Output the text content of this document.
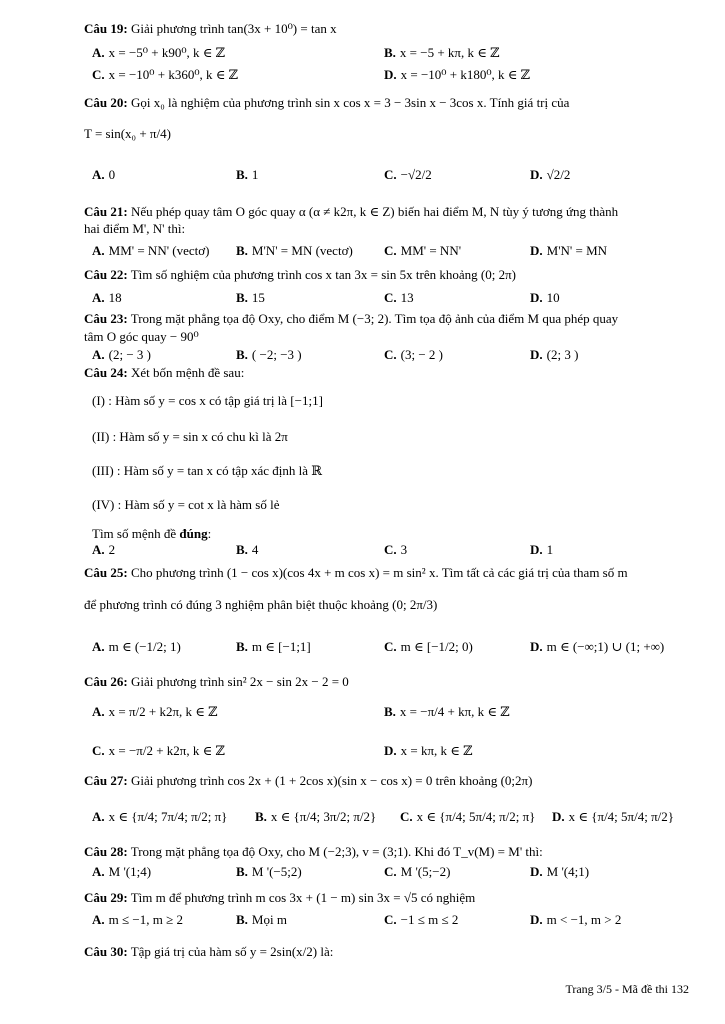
Câu 19: Giải phương trình tan(3x + 10⁰) = tan x
A. x = −5⁰ + k90⁰, k ∈ ℤ	B. x = −5 + kπ, k ∈ ℤ
C. x = −10⁰ + k360⁰, k ∈ ℤ	D. x = −10⁰ + k180⁰, k ∈ ℤ
Câu 20: Gọi x₀ là nghiệm của phương trình sin x cos x = 3 − 3sin x − 3cos x. Tính giá trị của
T = sin(x₀ + π/4)
A. 0	B. 1	C. −√2/2	D. √2/2
Câu 21: Nếu phép quay tâm O góc quay α (α ≠ k2π, k ∈ Z) biến hai điểm M, N tùy ý tương ứng thành
hai điểm M', N' thì:
A. MM' = NN' (vectơ) B. M'N' = MN (vectơ) C. MM' = NN'	D. M'N' = MN
Câu 22: Tìm số nghiệm của phương trình cos x tan 3x = sin 5x trên khoảng (0; 2π)
A. 18	B. 15	C. 13	D. 10
Câu 23: Trong mặt phẳng tọa độ Oxy, cho điểm M (−3; 2). Tìm tọa độ ảnh của điểm M qua phép quay
tâm O góc quay − 90⁰
A. (2; − 3 )	B. ( −2; −3 )	C. (3; − 2 )	D. (2; 3 )
Câu 24: Xét bốn mệnh đề sau:
(I) : Hàm số y = cos x có tập giá trị là [−1;1]
(II) : Hàm số y = sin x có chu kì là 2π
(III) : Hàm số y = tan x có tập xác định là ℝ
(IV) : Hàm số y = cot x là hàm số lẻ
Tìm số mệnh đề đúng:
A. 2	B. 4	C. 3	D. 1
Câu 25: Cho phương trình (1 − cos x)(cos 4x + m cos x) = m sin² x. Tìm tất cả các giá trị của tham số m
để phương trình có đúng 3 nghiệm phân biệt thuộc khoảng (0; 2π/3)
A. m ∈ (−1/2; 1)	B. m ∈ [−1;1]	C. m ∈ [−1/2; 0)	D. m ∈ (−∞;1) ∪ (1; +∞)
Câu 26: Giải phương trình sin² 2x − sin 2x − 2 = 0
A. x = π/2 + k2π, k ∈ ℤ	B. x = −π/4 + kπ, k ∈ ℤ
C. x = −π/2 + k2π, k ∈ ℤ	D. x = kπ, k ∈ ℤ
Câu 27: Giải phương trình cos 2x + (1 + 2cos x)(sin x − cos x) = 0 trên khoảng (0;2π)
A. x ∈ {π/4; 7π/4; π/2; π} B. x ∈ {π/4; 3π/2; π/2} C. x ∈ {π/4; 5π/4; π/2; π} D. x ∈ {π/4; 5π/4; π/2}
Câu 28: Trong mặt phẳng tọa độ Oxy, cho M (−2;3), v = (3;1). Khi đó T_v(M) = M' thì:
A. M '(1;4)	B. M '(−5;2)	C. M '(5;−2)	D. M '(4;1)
Câu 29: Tìm m để phương trình m cos 3x + (1 − m) sin 3x = √5 có nghiệm
A. m ≤ −1, m ≥ 2	B. Mọi m	C. −1 ≤ m ≤ 2	D. m < −1, m > 2
Câu 30: Tập giá trị của hàm số y = 2sin(x/2) là:
Trang 3/5 - Mã đề thi 132
